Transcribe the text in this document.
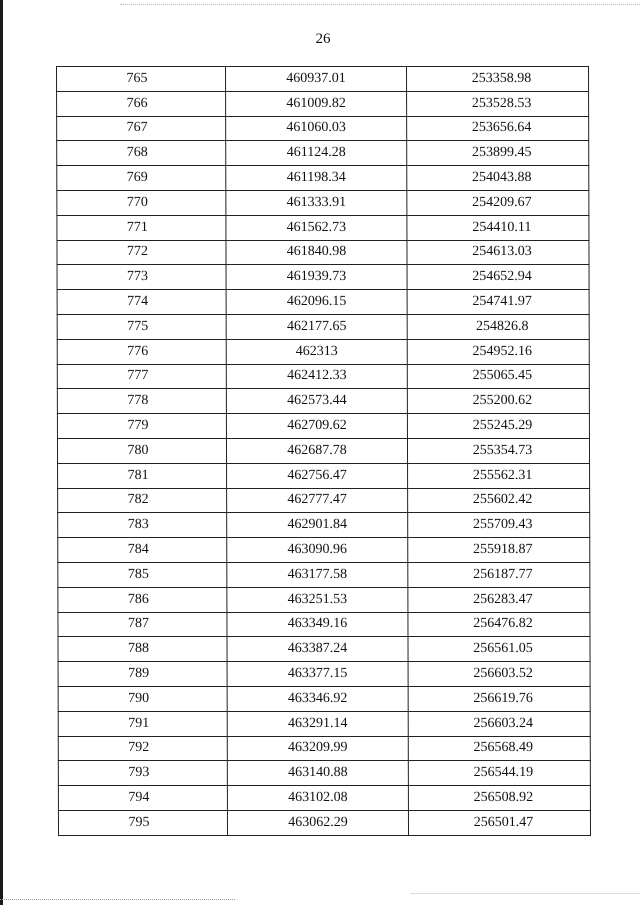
26
765	460937.01	253358.98
766	461009.82	253528.53
767	461060.03	253656.64
768	461124.28	253899.45
769	461198.34	254043.88
770	461333.91	254209.67
771	461562.73	254410.11
772	461840.98	254613.03
773	461939.73	254652.94
774	462096.15	254741.97
775	462177.65	254826.8
776	462313	254952.16
777	462412.33	255065.45
778	462573.44	255200.62
779	462709.62	255245.29
780	462687.78	255354.73
781	462756.47	255562.31
782	462777.47	255602.42
783	462901.84	255709.43
784	463090.96	255918.87
785	463177.58	256187.77
786	463251.53	256283.47
787	463349.16	256476.82
788	463387.24	256561.05
789	463377.15	256603.52
790	463346.92	256619.76
791	463291.14	256603.24
792	463209.99	256568.49
793	463140.88	256544.19
794	463102.08	256508.92
795	463062.29	256501.47
